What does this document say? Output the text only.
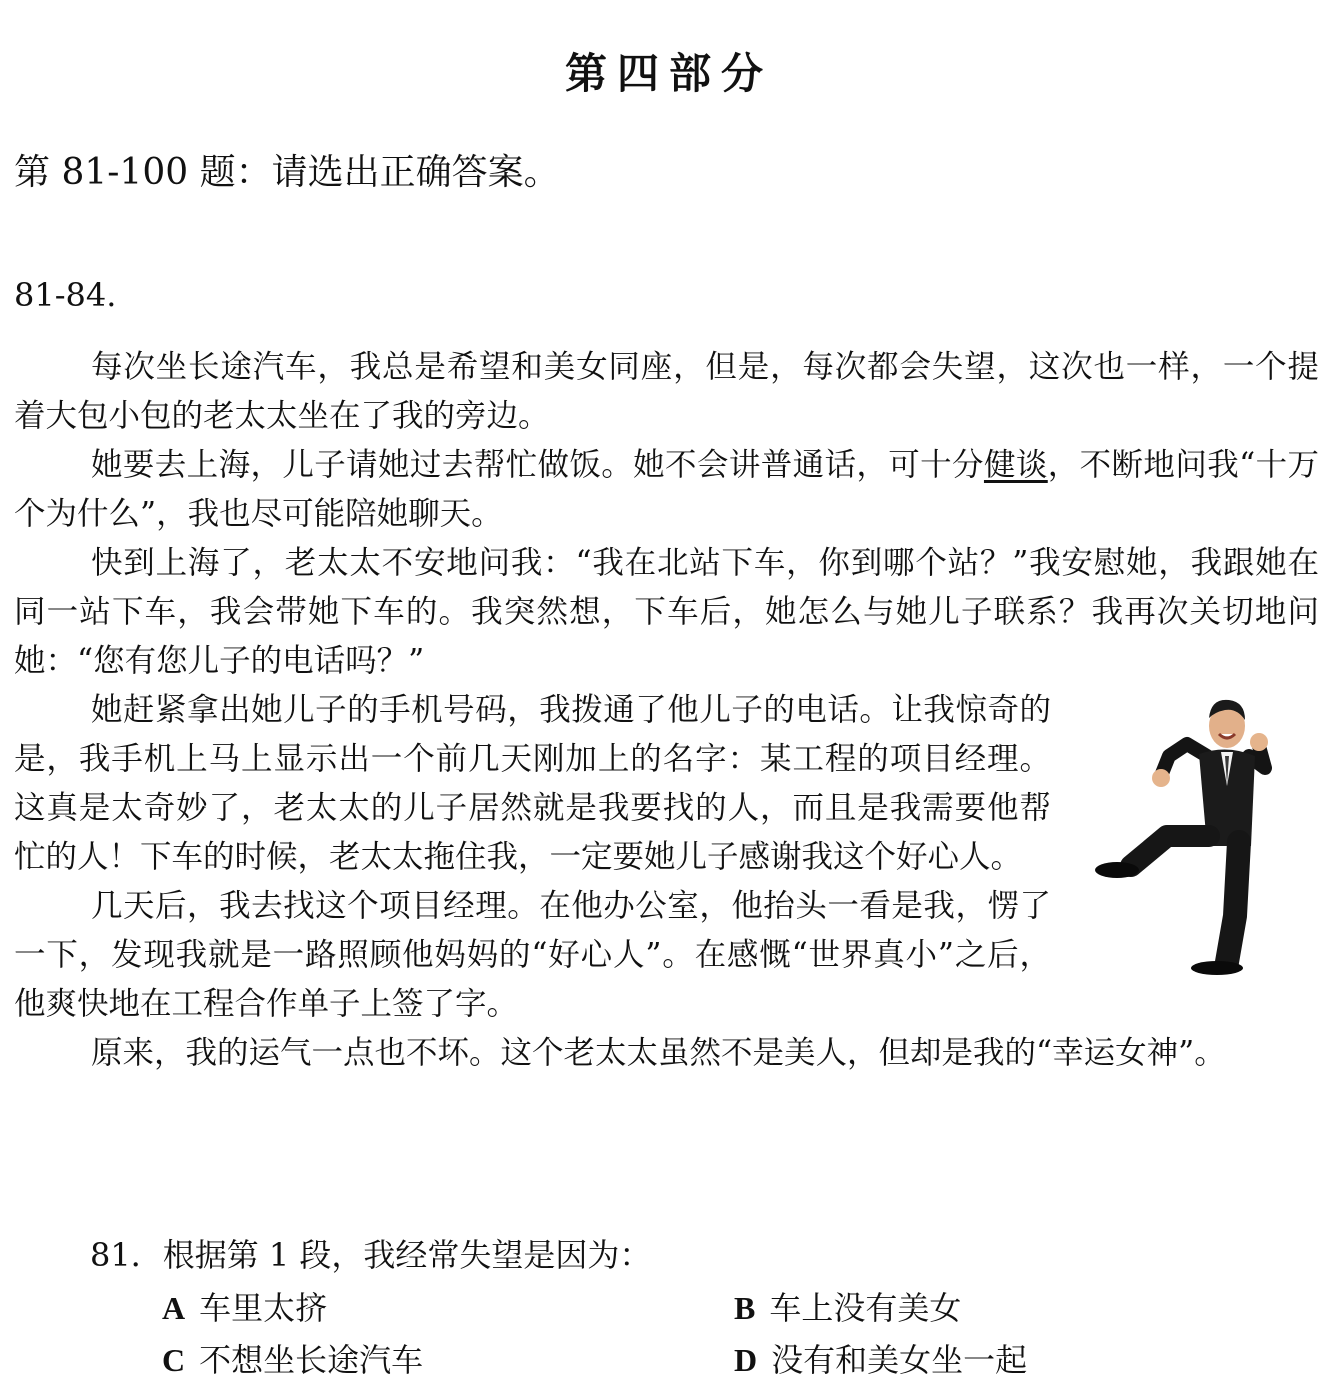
第四部分
第 81-100 题：请选出正确答案。
81-84.

每次坐长途汽车，我总是希望和美女同座，但是，每次都会失望，这次也一样，一个提着大包小包的老太太坐在了我的旁边。

她要去上海，儿子请她过去帮忙做饭。她不会讲普通话，可十分健谈，不断地问我“十万个为什么”，我也尽可能陪她聊天。

快到上海了，老太太不安地问我：“我在北站下车，你到哪个站？”我安慰她，我跟她在同一站下车，我会带她下车的。我突然想，下车后，她怎么与她儿子联系？我再次关切地问她：“您有您儿子的电话吗？”

她赶紧拿出她儿子的手机号码，我拨通了他儿子的电话。让我惊奇的是，我手机上马上显示出一个前几天刚加上的名字：某工程的项目经理。这真是太奇妙了，老太太的儿子居然就是我要找的人，而且是我需要他帮忙的人！下车的时候，老太太拖住我，一定要她儿子感谢我这个好心人。

几天后，我去找这个项目经理。在他办公室，他抬头一看是我，愣了一下，发现我就是一路照顾他妈妈的“好心人”。在感慨“世界真小”之后，他爽快地在工程合作单子上签了字。

原来，我的运气一点也不坏。这个老太太虽然不是美人，但却是我的“幸运女神”。

81．根据第 1 段，我经常失望是因为：
A 车里太挤	B 车上没有美女
C 不想坐长途汽车	D 没有和美女坐一起
